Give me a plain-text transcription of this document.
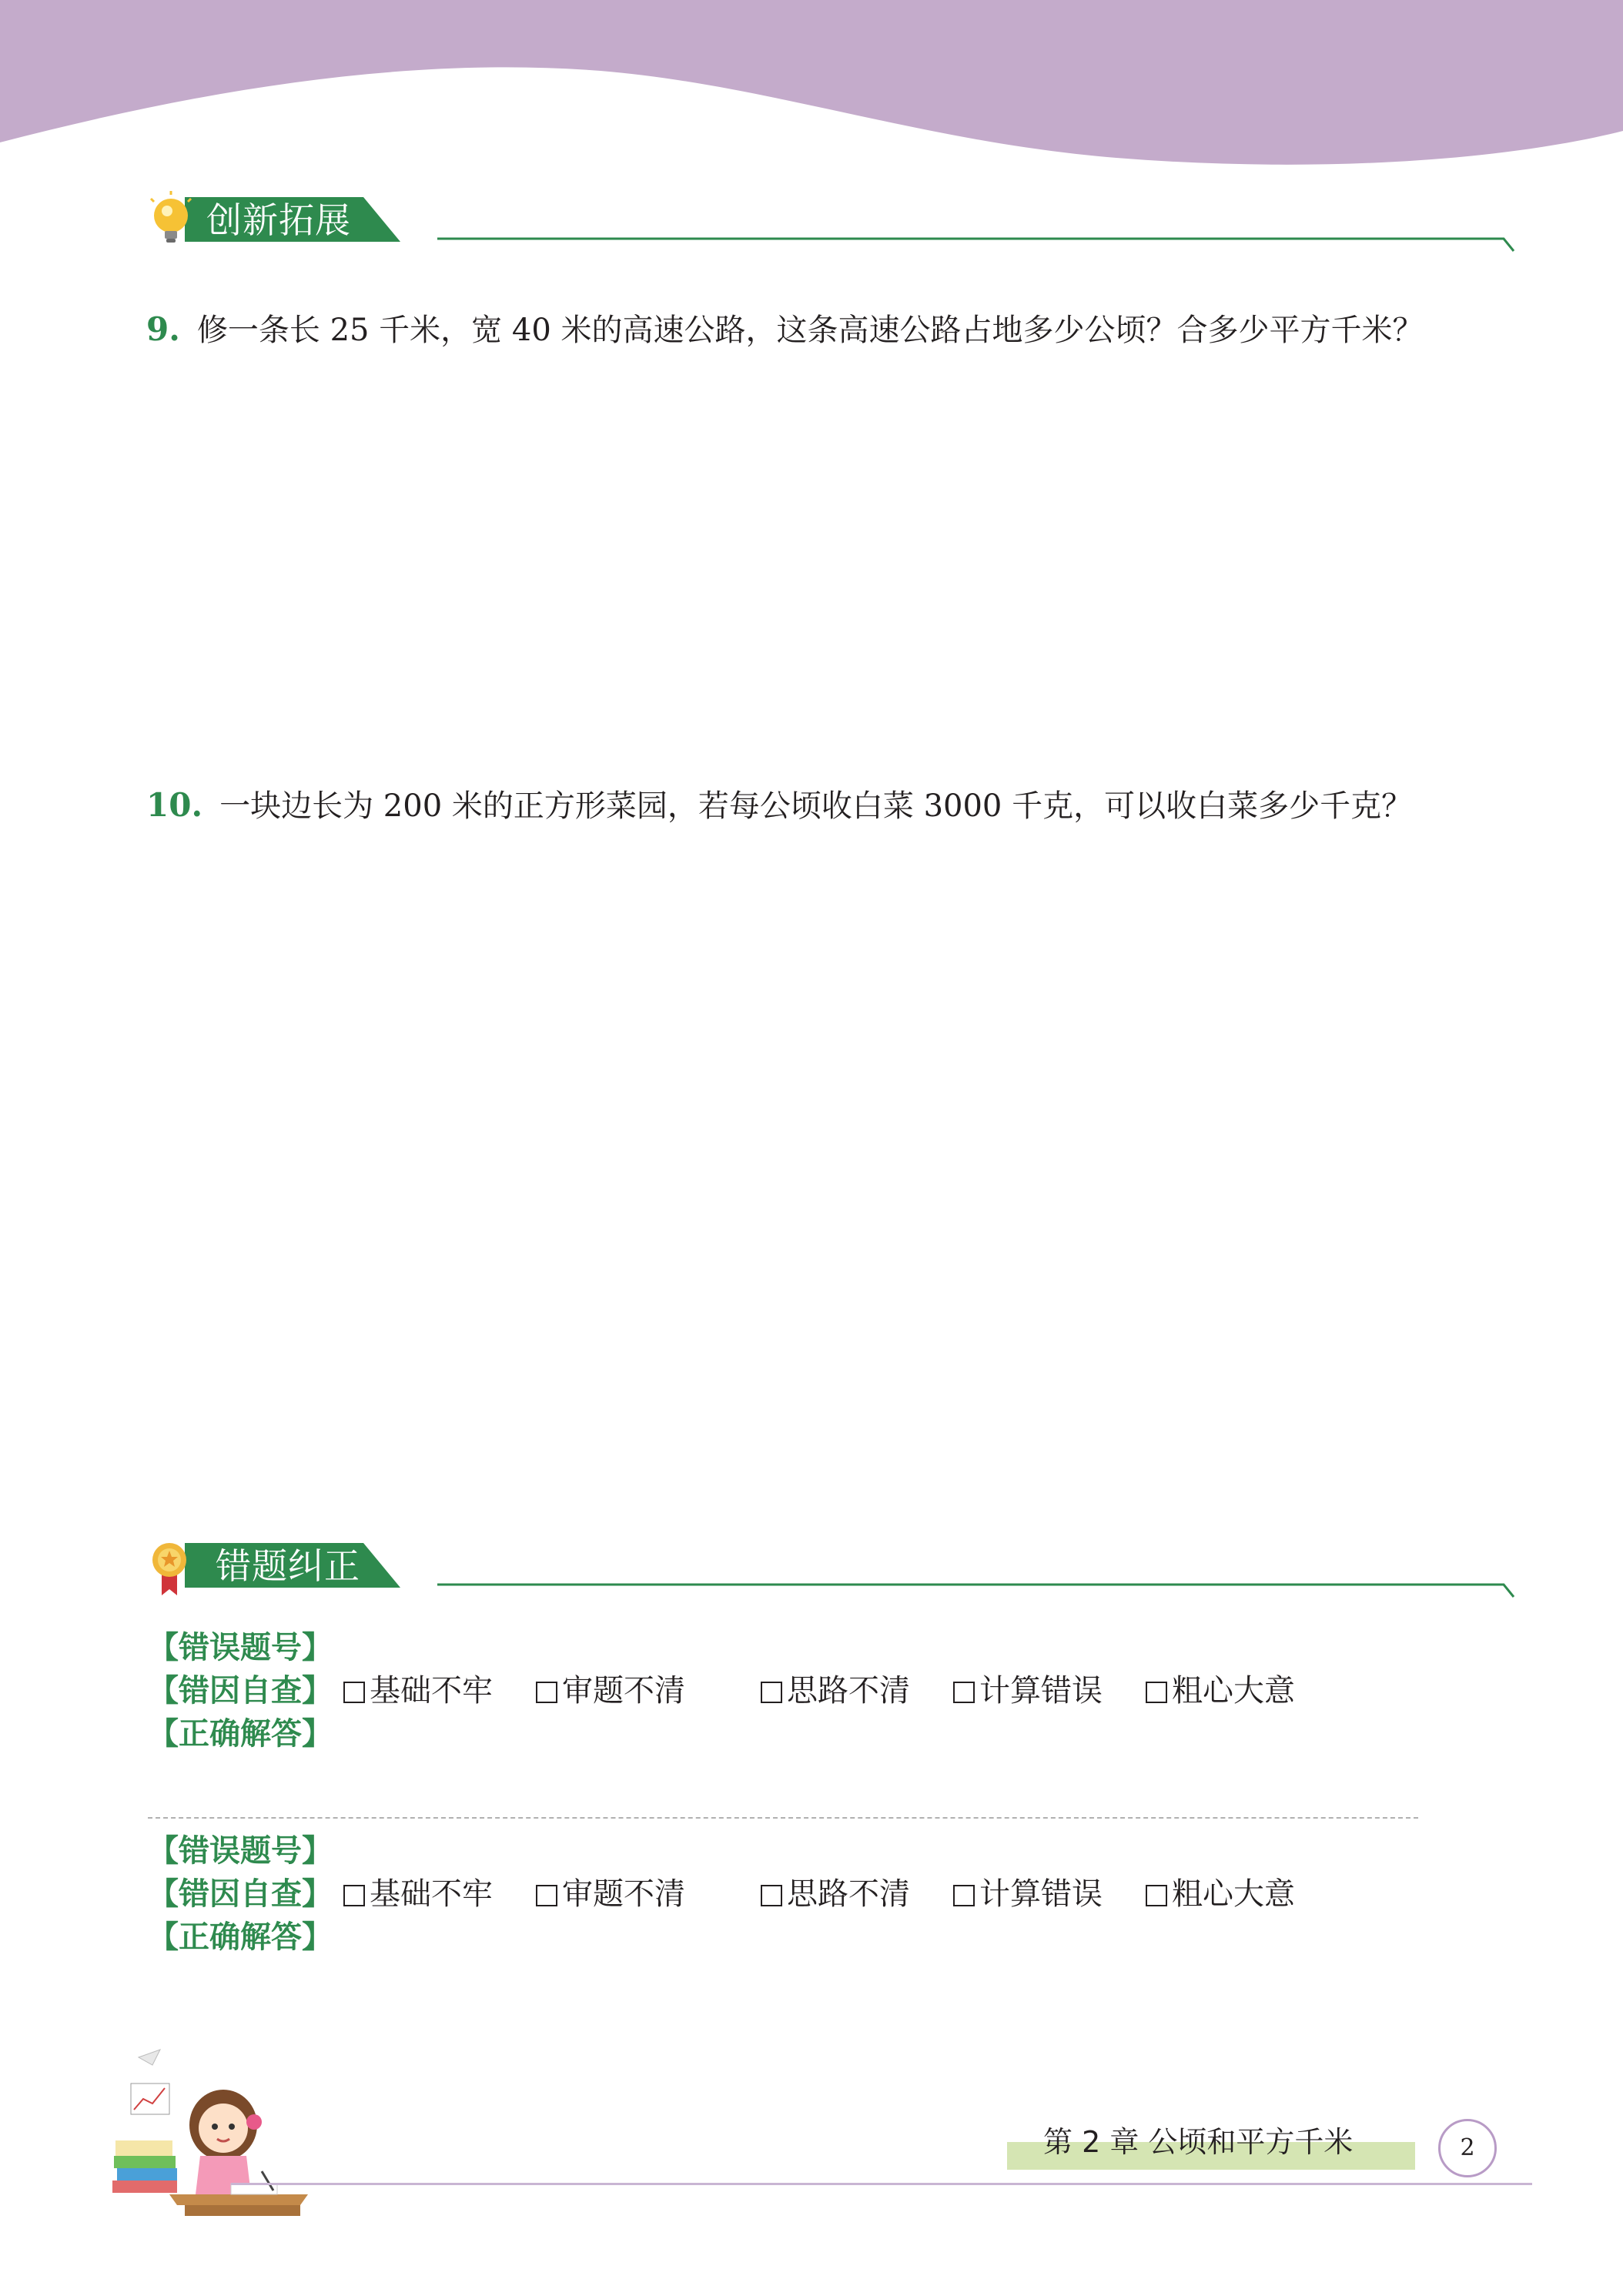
创新拓展
9. 修一条长 25 千米，宽 40 米的高速公路，这条高速公路占地多少公顷？合多少平方千米？
10. 一块边长为 200 米的正方形菜园，若每公顷收白菜 3000 千克，可以收白菜多少千克？
错题纠正
【错误题号】
【错因自查】	基础不牢	审题不清	思路不清	计算错误	粗心大意
【正确解答】
【错误题号】
【错因自查】	基础不牢	审题不清	思路不清	计算错误	粗心大意
【正确解答】
第 2 章 公顷和平方千米	2
